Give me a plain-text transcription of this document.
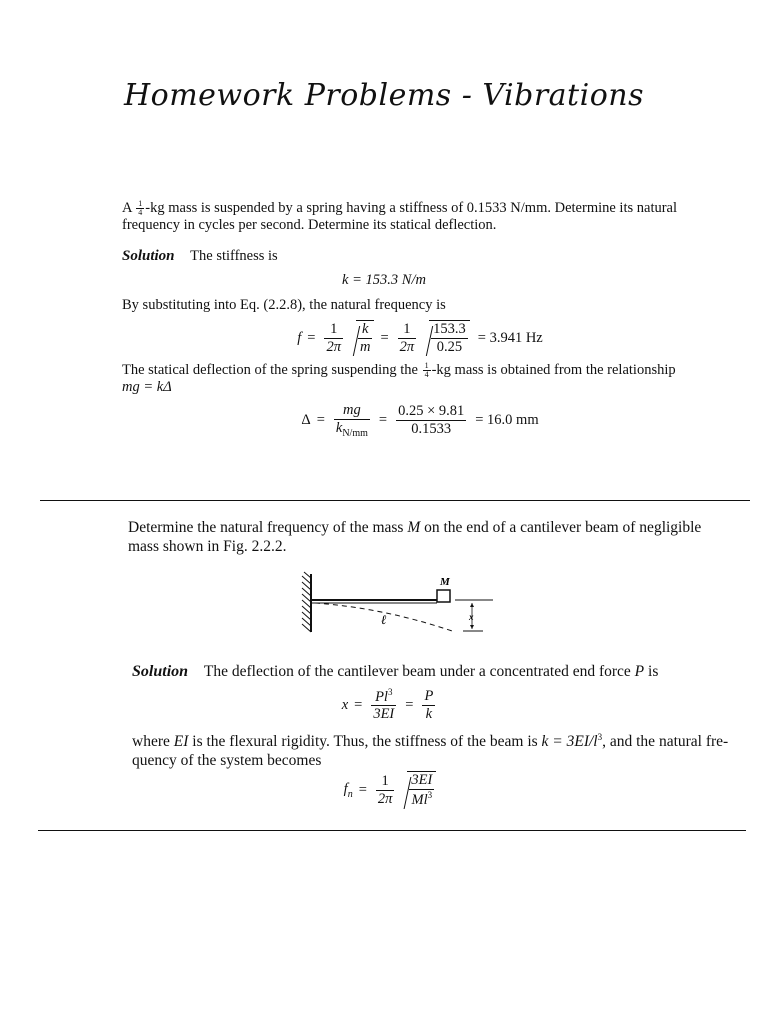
Homework Problems - Vibrations
A $\frac{1}{4} -kg$ mass is suspended by a spring having a stiffness of 0.1533 N/mm. Determine its natural
frequency in cycles per second. Determine its statical deflection.
Solution The stiffness is
k = 153.3 N/m
By substituting into Eq. (2.2.8), the natural frequency is
$f = \frac{1}{2\pi} \frac{k}{m} = \frac{1}{2\pi} \frac{153.3}{0.25} = 3.941$ Hz
The statical deflection of the spring suspending the $\frac{1}{4} -kg$ mass is obtained from the relationship
mg = kΔ
$\Delta = \frac{mg}{k_{N/mm}} = \frac{0.25 \times 9.81}{0.1533} = 16.0$ mm
Determine the natural frequency of the mass M on the end of a cantilever beam of negligible
mass shown in Fig. 2.2.2.
M
ℓ	x
Solution The deflection of the cantilever beam under a concentrated end force P is
$x = \frac{Pl^3}{3EI} = \frac{P}{k}$
where EI is the flexural rigidity. Thus, the stiffness of the beam is $k = 3EI/l^3$, and the natural fre-
quency of the system becomes
$f_n = \frac{1}{2\pi} \frac{3EI}{Ml^3}$
